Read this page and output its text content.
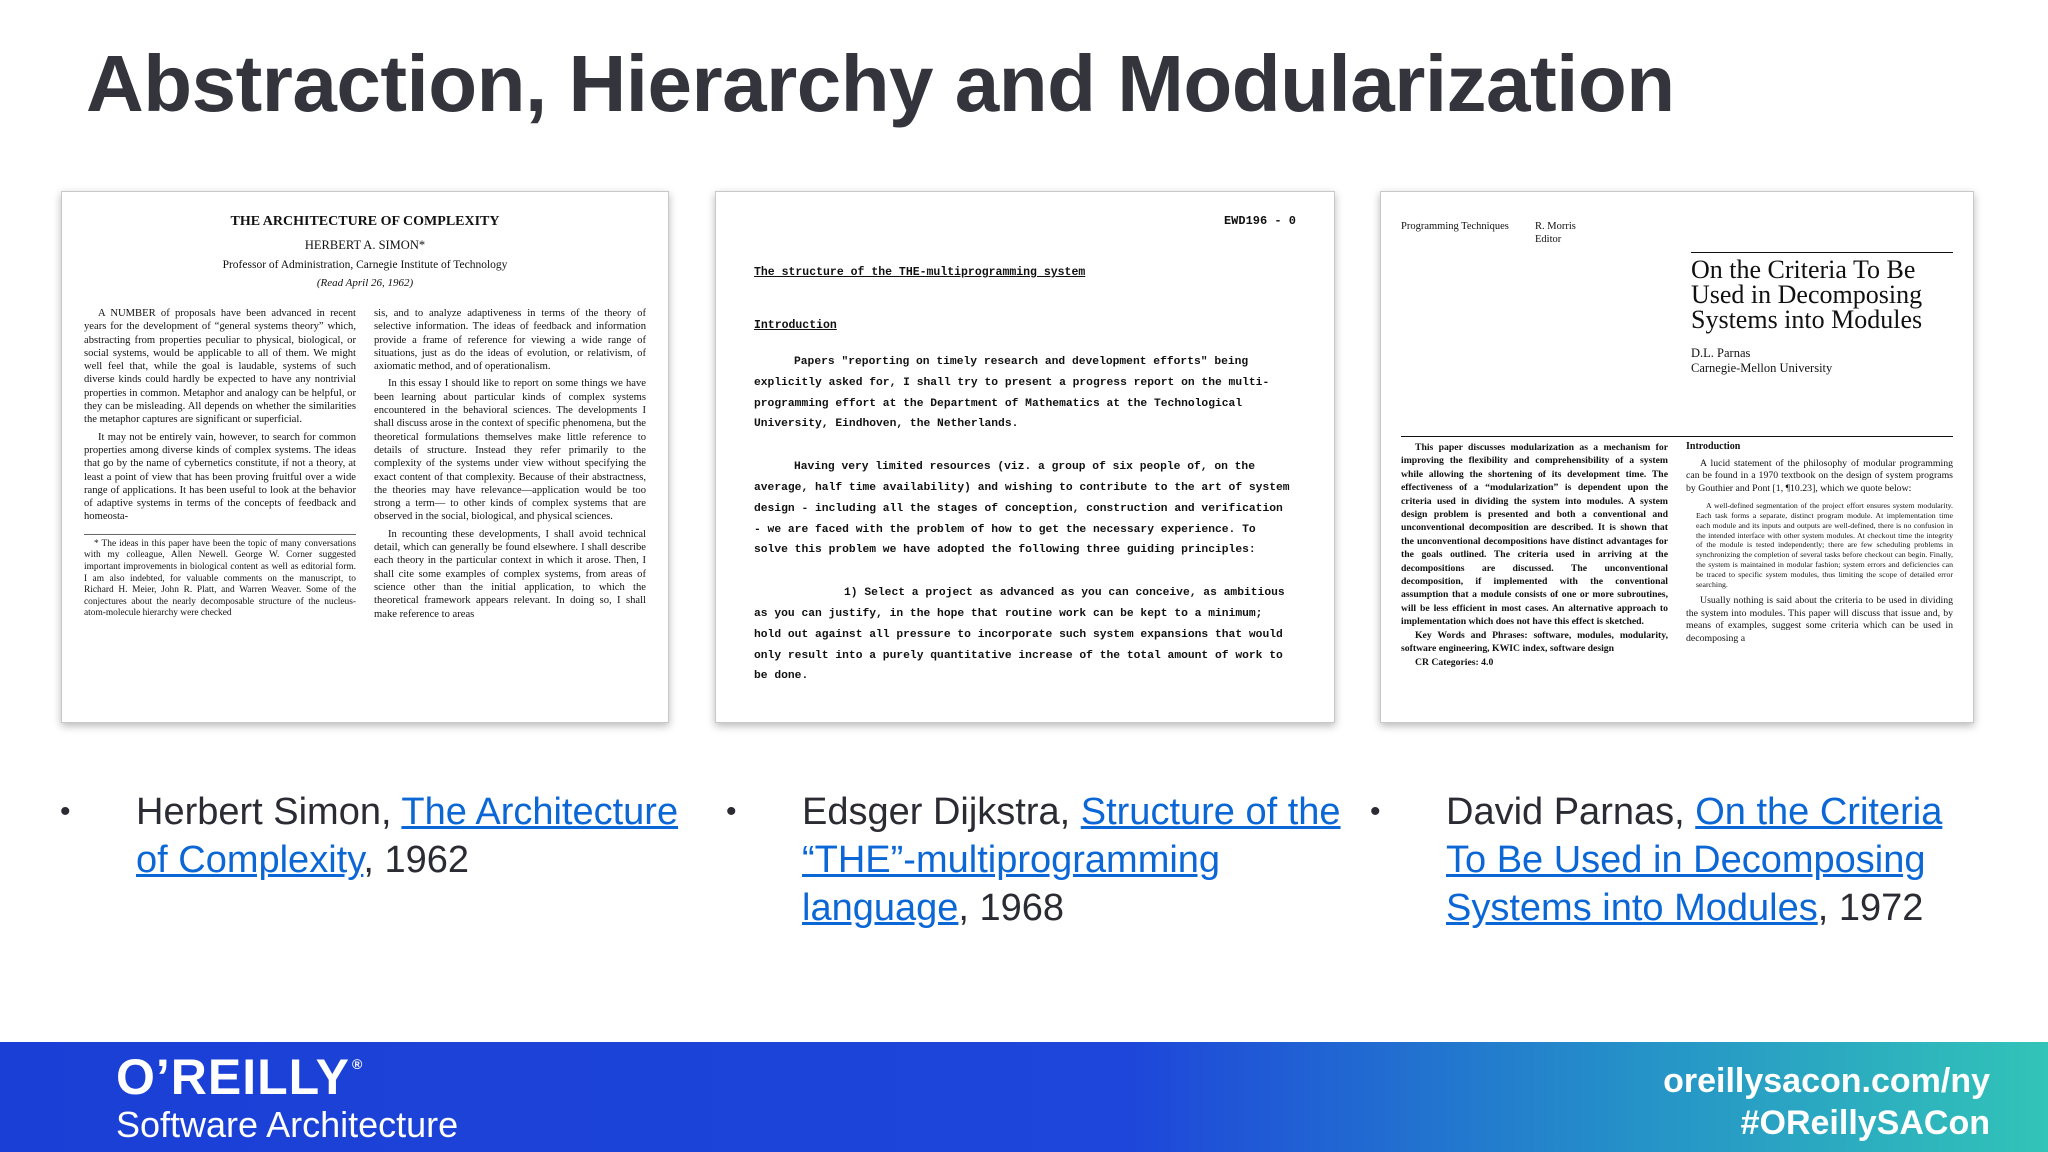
Abstraction, Hierarchy and Modularization
THE ARCHITECTURE OF COMPLEXITY
HERBERT A. SIMON*
Professor of Administration, Carnegie Institute of Technology
(Read April 26, 1962)

A NUMBER of proposals have been advanced in recent years for the development of “general systems theory” which, abstracting from properties peculiar to physical, biological, or social systems, would be applicable to all of them. We might well feel that, while the goal is laudable, systems of such diverse kinds could hardly be expected to have any nontrivial properties in common. Metaphor and analogy can be helpful, or they can be misleading. All depends on whether the similarities the metaphor captures are significant or superficial.

It may not be entirely vain, however, to search for common properties among diverse kinds of complex systems. The ideas that go by the name of cybernetics constitute, if not a theory, at least a point of view that has been proving fruitful over a wide range of applications. It has been useful to look at the behavior of adaptive systems in terms of the concepts of feedback and homeosta-

* The ideas in this paper have been the topic of many conversations with my colleague, Allen Newell. George W. Corner suggested important improvements in biological content as well as editorial form. I am also indebted, for valuable comments on the manuscript, to Richard H. Meier, John R. Platt, and Warren Weaver. Some of the conjectures about the nearly decomposable structure of the nucleus-atom-molecule hierarchy were checked

sis, and to analyze adaptiveness in terms of the theory of selective information. The ideas of feedback and information provide a frame of reference for viewing a wide range of situations, just as do the ideas of evolution, or relativism, of axiomatic method, and of operationalism.

In this essay I should like to report on some things we have been learning about particular kinds of complex systems encountered in the behavioral sciences. The developments I shall discuss arose in the context of specific phenomena, but the theoretical formulations themselves make little reference to details of structure. Instead they refer primarily to the complexity of the systems under view without specifying the exact content of that complexity. Because of their abstractness, the theories may have relevance—application would be too strong a term— to other kinds of complex systems that are observed in the social, biological, and physical sciences.

In recounting these developments, I shall avoid technical detail, which can generally be found elsewhere. I shall describe each theory in the particular context in which it arose. Then, I shall cite some examples of complex systems, from areas of science other than the initial application, to which the theoretical framework appears relevant. In doing so, I shall make reference to areas

EWD196 - 0
The structure of the THE-multiprogramming system
Introduction

Papers "reporting on timely research and development efforts" being explicitly asked for, I shall try to present a progress report on the multi-programming effort at the Department of Mathematics at the Technological University, Eindhoven, the Netherlands.

Having very limited resources (viz. a group of six people of, on the average, half time availability) and wishing to contribute to the art of system design - including all the stages of conception, construction and verification - we are faced with the problem of how to get the necessary experience. To solve this problem we have adopted the following three guiding principles:

1) Select a project as advanced as you can conceive, as ambitious as you can justify, in the hope that routine work can be kept to a minimum; hold out against all pressure to incorporate such system expansions that would only result into a purely quantitative increase of the total amount of work to be done.

Programming Techniques	R. Morris
Editor
On the Criteria To Be Used in Decomposing Systems into Modules
D.L. Parnas
Carnegie-Mellon University

This paper discusses modularization as a mechanism for improving the flexibility and comprehensibility of a system while allowing the shortening of its development time. The effectiveness of a “modularization” is dependent upon the criteria used in dividing the system into modules. A system design problem is presented and both a conventional and unconventional decomposition are described. It is shown that the unconventional decompositions have distinct advantages for the goals outlined. The criteria used in arriving at the decompositions are discussed. The unconventional decomposition, if implemented with the conventional assumption that a module consists of one or more subroutines, will be less efficient in most cases. An alternative approach to implementation which does not have this effect is sketched.

Key Words and Phrases: software, modules, modularity, software engineering, KWIC index, software design

CR Categories: 4.0

Introduction

A lucid statement of the philosophy of modular programming can be found in a 1970 textbook on the design of system programs by Gouthier and Pont [1, ¶10.23], which we quote below:

A well-defined segmentation of the project effort ensures system modularity. Each task forms a separate, distinct program module. At implementation time each module and its inputs and outputs are well-defined, there is no confusion in the intended interface with other system modules. At checkout time the integrity of the module is tested independently; there are few scheduling problems in synchronizing the completion of several tasks before checkout can begin. Finally, the system is maintained in modular fashion; system errors and deficiencies can be traced to specific system modules, thus limiting the scope of detailed error searching.

Usually nothing is said about the criteria to be used in dividing the system into modules. This paper will discuss that issue and, by means of examples, suggest some criteria which can be used in decomposing a

•	Herbert Simon, The Architecture of Complexity, 1962
•	Edsger Dijkstra, Structure of the “THE”-multiprogramming language, 1968
•	David Parnas, On the Criteria To Be Used in Decomposing Systems into Modules, 1972
O’REILLY ®
Software Architecture
oreillysacon.com/ny
#OReillySACon
